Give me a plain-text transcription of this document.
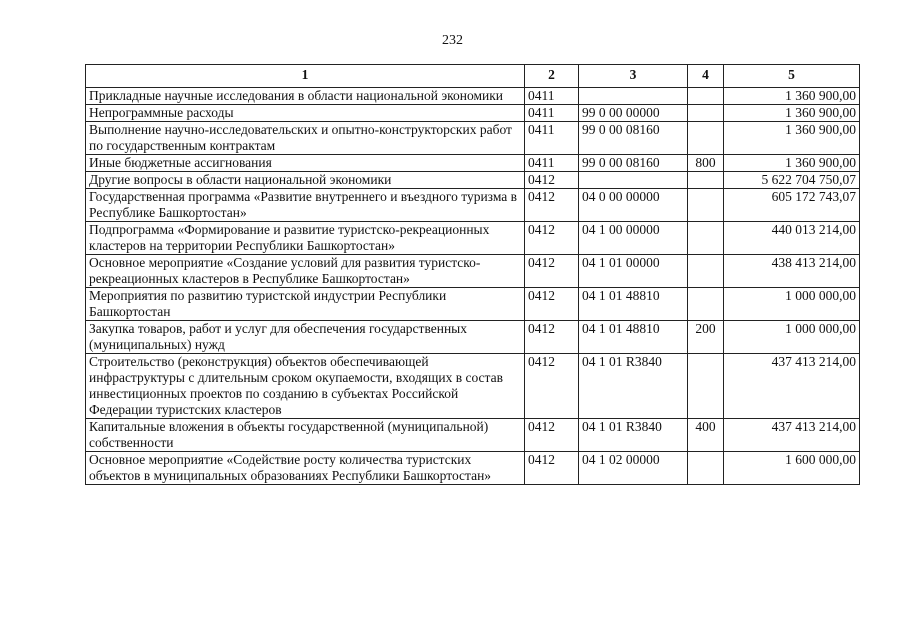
232
1	2	3	4	5
Прикладные научные исследования в области национальной экономики	0411			1 360 900,00
Непрограммные расходы	0411	99 0 00 00000		1 360 900,00
Выполнение научно-исследовательских и опытно-конструкторских работ по государственным контрактам	0411	99 0 00 08160		1 360 900,00
Иные бюджетные ассигнования	0411	99 0 00 08160	800	1 360 900,00
Другие вопросы в области национальной экономики	0412			5 622 704 750,07
Государственная программа «Развитие внутреннего и въездного туризма в Республике Башкортостан»	0412	04 0 00 00000		605 172 743,07
Подпрограмма «Формирование и развитие туристско-рекреационных кластеров на территории Республики Башкортостан»	0412	04 1 00 00000		440 013 214,00
Основное мероприятие «Создание условий для развития туристско-рекреационных кластеров в Республике Башкортостан»	0412	04 1 01 00000		438 413 214,00
Мероприятия по развитию туристской индустрии Республики Башкортостан	0412	04 1 01 48810		1 000 000,00
Закупка товаров, работ и услуг для обеспечения государственных (муниципальных) нужд	0412	04 1 01 48810	200	1 000 000,00
Строительство (реконструкция) объектов обеспечивающей инфраструктуры с длительным сроком окупаемости, входящих в состав инвестиционных проектов по созданию в субъектах Российской Федерации туристских кластеров	0412	04 1 01 R3840		437 413 214,00
Капитальные вложения в объекты государственной (муниципальной) собственности	0412	04 1 01 R3840	400	437 413 214,00
Основное мероприятие «Содействие росту количества туристских объектов в муниципальных образованиях Республики Башкортостан»	0412	04 1 02 00000		1 600 000,00
